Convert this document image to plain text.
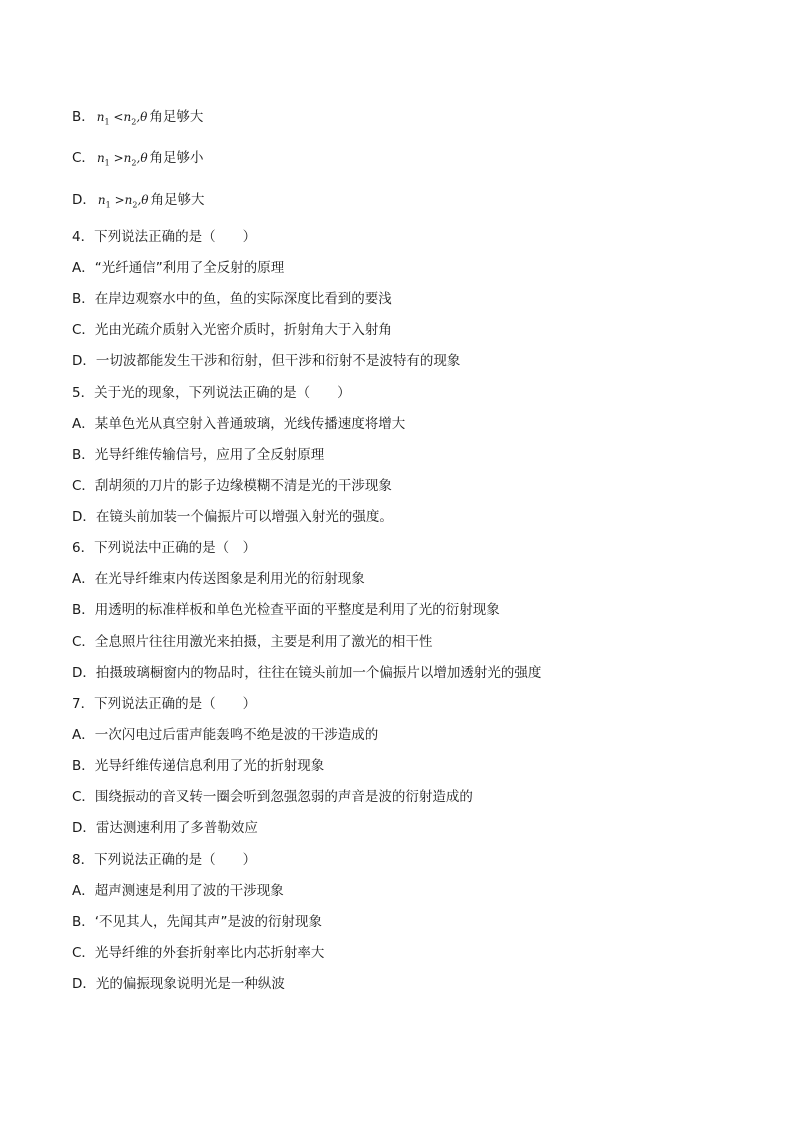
B． $n_1 <n_2,\theta$ 角足够大
C． $n_1 >n_2,\theta$ 角足够小
D． $n_1 >n_2,\theta$ 角足够大
4．下列说法正确的是（　　）
A．“光纤通信”利用了全反射的原理
B．在岸边观察水中的鱼，鱼的实际深度比看到的要浅
C．光由光疏介质射入光密介质时，折射角大于入射角
D．一切波都能发生干涉和衍射，但干涉和衍射不是波特有的现象
5．关于光的现象，下列说法正确的是（　　）
A．某单色光从真空射入普通玻璃，光线传播速度将增大
B．光导纤维传输信号，应用了全反射原理
C．刮胡须的刀片的影子边缘模糊不清是光的干涉现象
D．在镜头前加装一个偏振片可以增强入射光的强度。
6．下列说法中正确的是（　）
A．在光导纤维束内传送图象是利用光的衍射现象
B．用透明的标准样板和单色光检查平面的平整度是利用了光的衍射现象
C．全息照片往往用激光来拍摄，主要是利用了激光的相干性
D．拍摄玻璃橱窗内的物品时，往往在镜头前加一个偏振片以增加透射光的强度
7．下列说法正确的是（　　）
A．一次闪电过后雷声能轰鸣不绝是波的干涉造成的
B．光导纤维传递信息利用了光的折射现象
C．围绕振动的音叉转一圈会听到忽强忽弱的声音是波的衍射造成的
D．雷达测速利用了多普勒效应
8．下列说法正确的是（　　）
A．超声测速是利用了波的干涉现象
B．‘不见其人，先闻其声”是波的衍射现象
C．光导纤维的外套折射率比内芯折射率大
D．光的偏振现象说明光是一种纵波
